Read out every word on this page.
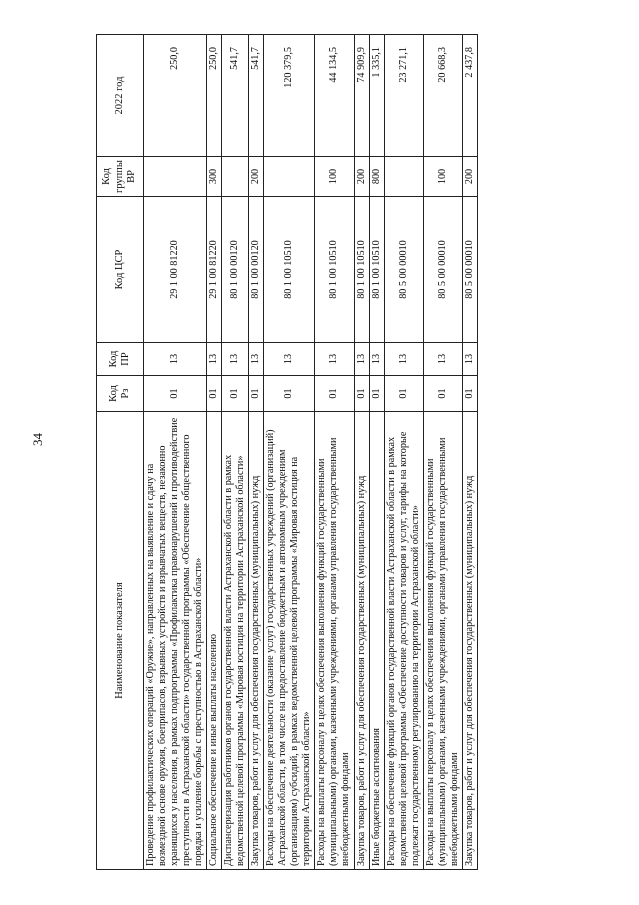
34
Наименование показателя	Код Рз	Код ПР	Код ЦСР	Код группы ВР	2022 год
Проведение профилактических операций «Оружие», направленных на выявление и сдачу на возмездной основе оружия, боеприпасов, взрывных устройств и взрывчатых веществ, незаконно хранящихся у населения, в рамках подпрограммы «Профилактика правонарушений и противодействие преступности в Астраханской области» государственной программы «Обеспечение общественного порядка и усиление борьбы с преступностью в Астраханской области»	01	13	29 1 00 81220		250,0
Социальное обеспечение и иные выплаты населению	01	13	29 1 00 81220	300	250,0
Диспансеризация работников органов государственной власти Астраханской области в рамках ведомственной целевой программы «Мировая юстиция на территории Астраханской области»	01	13	80 1 00 00120		541,7
Закупка товаров, работ и услуг для обеспечения государственных (муниципальных) нужд	01	13	80 1 00 00120	200	541,7
Расходы на обеспечение деятельности (оказание услуг) государственных учреждений (организаций) Астраханской области, в том числе на предоставление бюджетным и автономным учреждениям (организациям) субсидий, в рамках ведомственной целевой программы «Мировая юстиция на территории Астраханской области»	01	13	80 1 00 10510		120 379,5
Расходы на выплаты персоналу в целях обеспечения выполнения функций государственными (муниципальными) органами, казенными учреждениями, органами управления государственными внебюджетными фондами	01	13	80 1 00 10510	100	44 134,5
Закупка товаров, работ и услуг для обеспечения государственных (муниципальных) нужд	01	13	80 1 00 10510	200	74 909,9
Иные бюджетные ассигнования	01	13	80 1 00 10510	800	1 335,1
Расходы на обеспечение функций органов государственной власти Астраханской области в рамках ведомственной целевой программы «Обеспечение доступности товаров и услуг, тарифы на которые подлежат государственному регулированию на территории Астраханской области»	01	13	80 5 00 00010		23 271,1
Расходы на выплаты персоналу в целях обеспечения выполнения функций государственными (муниципальными) органами, казенными учреждениями, органами управления государственными внебюджетными фондами	01	13	80 5 00 00010	100	20 668,3
Закупка товаров, работ и услуг для обеспечения государственных (муниципальных) нужд	01	13	80 5 00 00010	200	2 437,8
